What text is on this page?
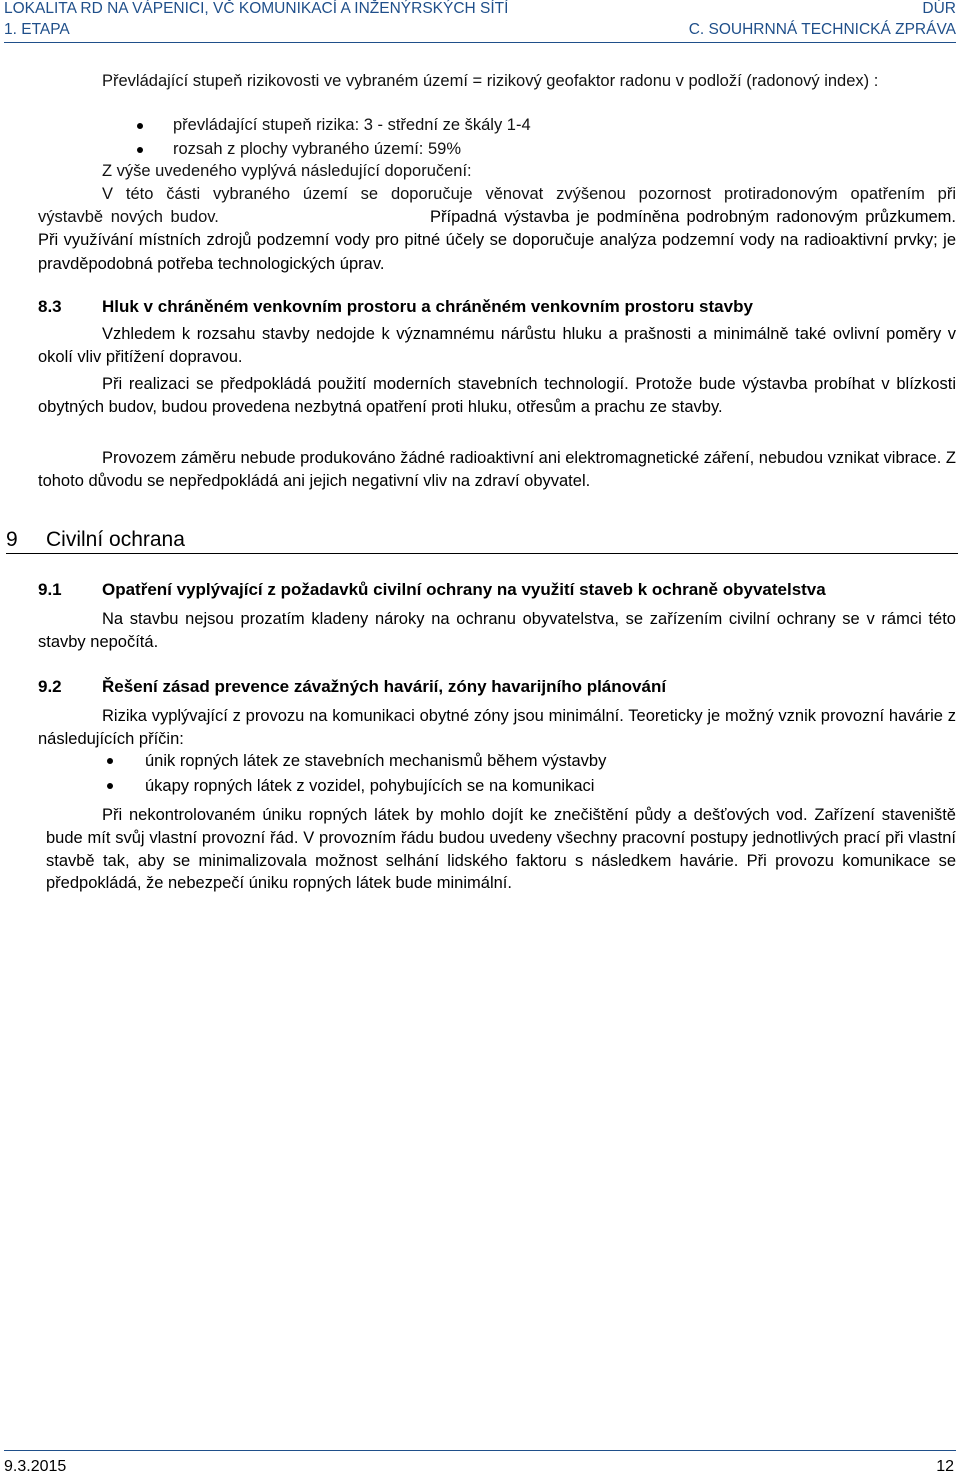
LOKALITA RD NA VÁPENICI, VČ KOMUNIKACÍ A INŽENÝRSKÝCH SÍTÍ	DÚR
1. ETAPA	C. SOUHRNNÁ TECHNICKÁ ZPRÁVA

Převládající stupeň rizikovosti ve vybraném území = rizikový geofaktor radonu v podloží (radonový index) :

převládající stupeň rizika: 3 - střední ze škály 1-4
rozsah z plochy vybraného území: 59%

Z výše uvedeného vyplývá následující doporučení:

V této části vybraného území se doporučuje věnovat zvýšenou pozornost protiradonovým opatřením při výstavbě nových budov.	Případná výstavba je podmíněna podrobným radonovým průzkumem. Při využívání místních zdrojů podzemní vody pro pitné účely se doporučuje analýza podzemní vody na radioaktivní prvky; je pravděpodobná potřeba technologických úprav.

8.3 Hluk v chráněném venkovním prostoru a chráněném venkovním prostoru stavby

Vzhledem k rozsahu stavby nedojde k významnému nárůstu hluku a prašnosti a minimálně také ovlivní poměry v okolí vliv přitížení dopravou.

Při realizaci se předpokládá použití moderních stavebních technologií. Protože bude výstavba probíhat v blízkosti obytných budov, budou provedena nezbytná opatření proti hluku, otřesům a prachu ze stavby.

Provozem záměru nebude produkováno žádné radioaktivní ani elektromagnetické záření, nebudou vznikat vibrace. Z tohoto důvodu se nepředpokládá ani jejich negativní vliv na zdraví obyvatel.

9 Civilní ochrana
9.1 Opatření vyplývající z požadavků civilní ochrany na využití staveb k ochraně obyvatelstva

Na stavbu nejsou prozatím kladeny nároky na ochranu obyvatelstva, se zařízením civilní ochrany se v rámci této stavby nepočítá.

9.2 Řešení zásad prevence závažných havárií, zóny havarijního plánování

Rizika vyplývající z provozu na komunikaci obytné zóny jsou minimální. Teoreticky je možný vznik provozní havárie z následujících příčin:

únik ropných látek ze stavebních mechanismů během výstavby
úkapy ropných látek z vozidel, pohybujících se na komunikaci

Při nekontrolovaném úniku ropných látek by mohlo dojít ke znečištění půdy a dešťových vod. Zařízení staveniště bude mít svůj vlastní provozní řád. V provozním řádu budou uvedeny všechny pracovní postupy jednotlivých prací při vlastní stavbě tak, aby se minimalizovala možnost selhání lidského faktoru s následkem havárie. Při provozu komunikace se předpokládá, že nebezpečí úniku ropných látek bude minimální.

9.3.2015	12
